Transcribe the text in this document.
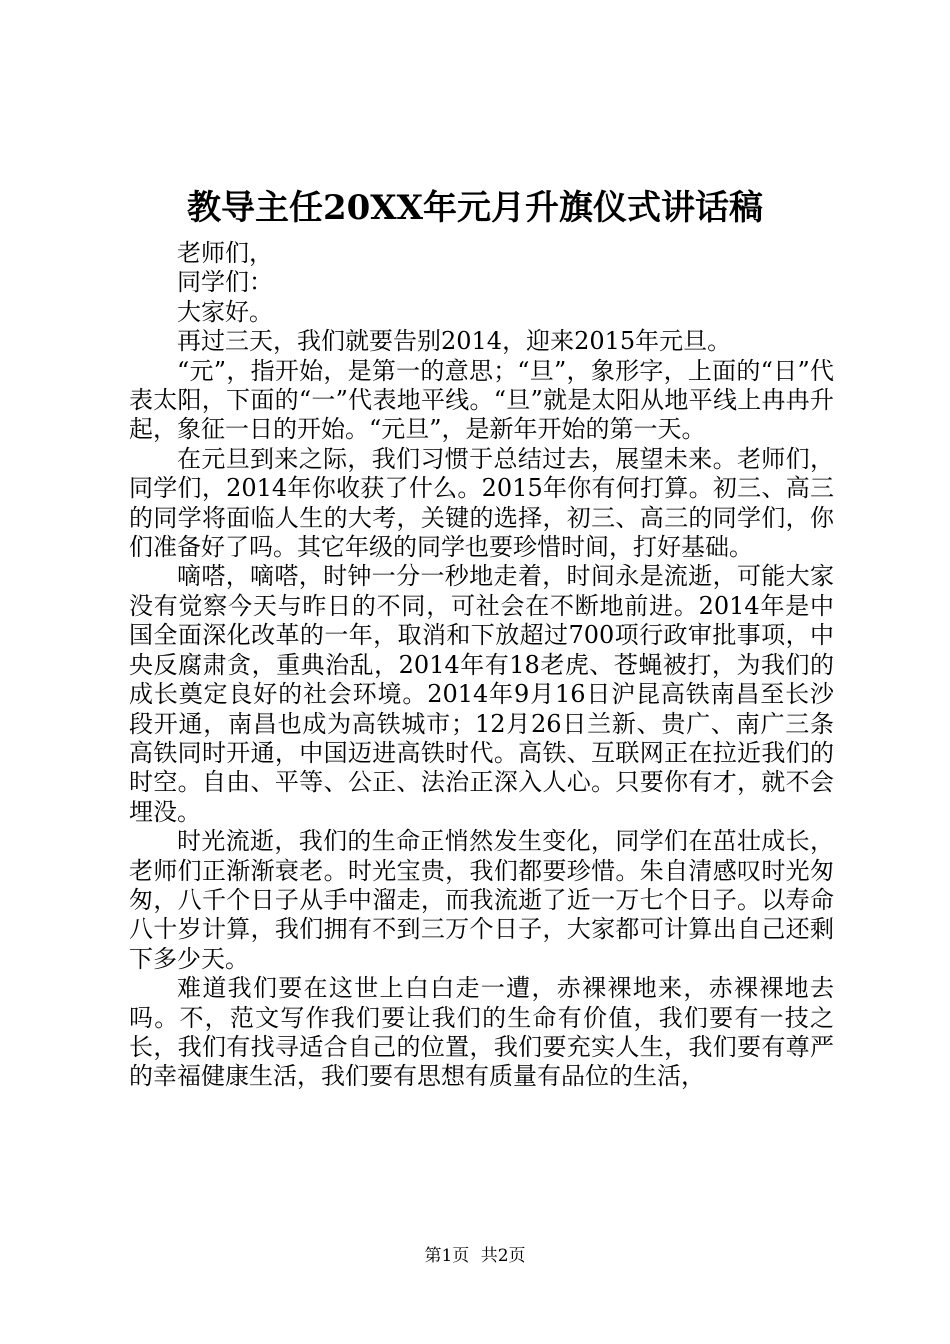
教导主任20XX年元月升旗仪式讲话稿

老师们，

同学们：

大家好。

再过三天，我们就要告别2014，迎来2015年元旦。

“元”，指开始，是第一的意思；“旦”，象形字，上面的“日”代表太阳，下面的“一”代表地平线。“旦”就是太阳从地平线上冉冉升起，象征一日的开始。“元旦”，是新年开始的第一天。

在元旦到来之际，我们习惯于总结过去，展望未来。老师们，同学们，2014年你收获了什么。2015年你有何打算。初三、高三的同学将面临人生的大考，关键的选择，初三、高三的同学们，你们准备好了吗。其它年级的同学也要珍惜时间，打好基础。

嘀嗒，嘀嗒，时钟一分一秒地走着，时间永是流逝，可能大家没有觉察今天与昨日的不同，可社会在不断地前进。2014年是中国全面深化改革的一年，取消和下放超过700项行政审批事项，中央反腐肃贪，重典治乱，2014年有18老虎、苍蝇被打，为我们的成长奠定良好的社会环境。2014年9月16日沪昆高铁南昌至长沙段开通，南昌也成为高铁城市；12月26日兰新、贵广、南广三条高铁同时开通，中国迈进高铁时代。高铁、互联网正在拉近我们的时空。自由、平等、公正、法治正深入人心。只要你有才，就不会埋没。

时光流逝，我们的生命正悄然发生变化，同学们在茁壮成长，老师们正渐渐衰老。时光宝贵，我们都要珍惜。朱自清感叹时光匆匆，八千个日子从手中溜走，而我流逝了近一万七个日子。以寿命八十岁计算，我们拥有不到三万个日子，大家都可计算出自己还剩下多少天。

难道我们要在这世上白白走一遭，赤裸裸地来，赤裸裸地去吗。不，范文写作我们要让我们的生命有价值，我们要有一技之长，我们有找寻适合自己的位置，我们要充实人生，我们要有尊严的幸福健康生活，我们要有思想有质量有品位的生活，

第1页 共2页
